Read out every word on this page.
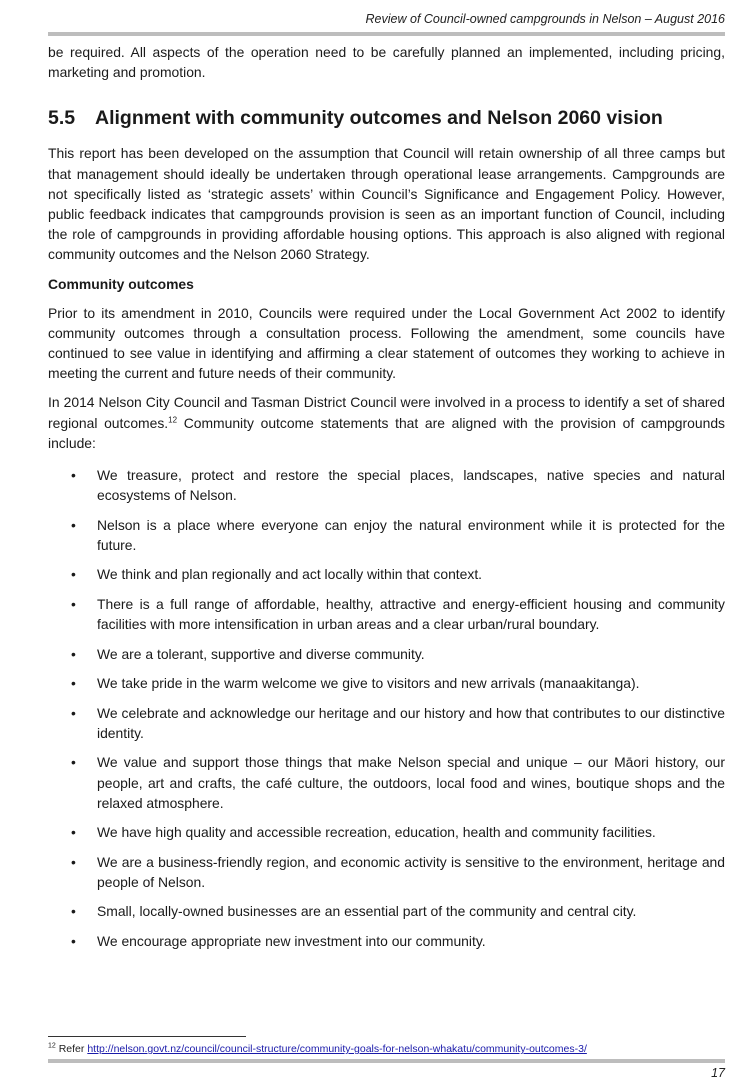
Review of Council-owned campgrounds in Nelson – August 2016

be required. All aspects of the operation need to be carefully planned an implemented, including pricing, marketing and promotion.

5.5	Alignment with community outcomes and Nelson 2060 vision

This report has been developed on the assumption that Council will retain ownership of all three camps but that management should ideally be undertaken through operational lease arrangements. Campgrounds are not specifically listed as ‘strategic assets’ within Council’s Significance and Engagement Policy. However, public feedback indicates that campgrounds provision is seen as an important function of Council, including the role of campgrounds in providing affordable housing options. This approach is also aligned with regional community outcomes and the Nelson 2060 Strategy.

Community outcomes

Prior to its amendment in 2010, Councils were required under the Local Government Act 2002 to identify community outcomes through a consultation process. Following the amendment, some councils have continued to see value in identifying and affirming a clear statement of outcomes they working to achieve in meeting the current and future needs of their community.

In 2014 Nelson City Council and Tasman District Council were involved in a process to identify a set of shared regional outcomes.$^{12}$ Community outcome statements that are aligned with the provision of campgrounds include:

• We treasure, protect and restore the special places, landscapes, native species and natural ecosystems of Nelson.
• Nelson is a place where everyone can enjoy the natural environment while it is protected for the future.
• We think and plan regionally and act locally within that context.
• There is a full range of affordable, healthy, attractive and energy-efficient housing and community facilities with more intensification in urban areas and a clear urban/rural boundary.
• We are a tolerant, supportive and diverse community.
• We take pride in the warm welcome we give to visitors and new arrivals (manaakitanga).
• We celebrate and acknowledge our heritage and our history and how that contributes to our distinctive identity.
• We value and support those things that make Nelson special and unique – our Māori history, our people, art and crafts, the café culture, the outdoors, local food and wines, boutique shops and the relaxed atmosphere.
• We have high quality and accessible recreation, education, health and community facilities.
• We are a business-friendly region, and economic activity is sensitive to the environment, heritage and people of Nelson.
• Small, locally-owned businesses are an essential part of the community and central city.
• We encourage appropriate new investment into our community.
$^{12}$ Refer http://nelson.govt.nz/council/council-structure/community-goals-for-nelson-whakatu/community-outcomes-3/
17
